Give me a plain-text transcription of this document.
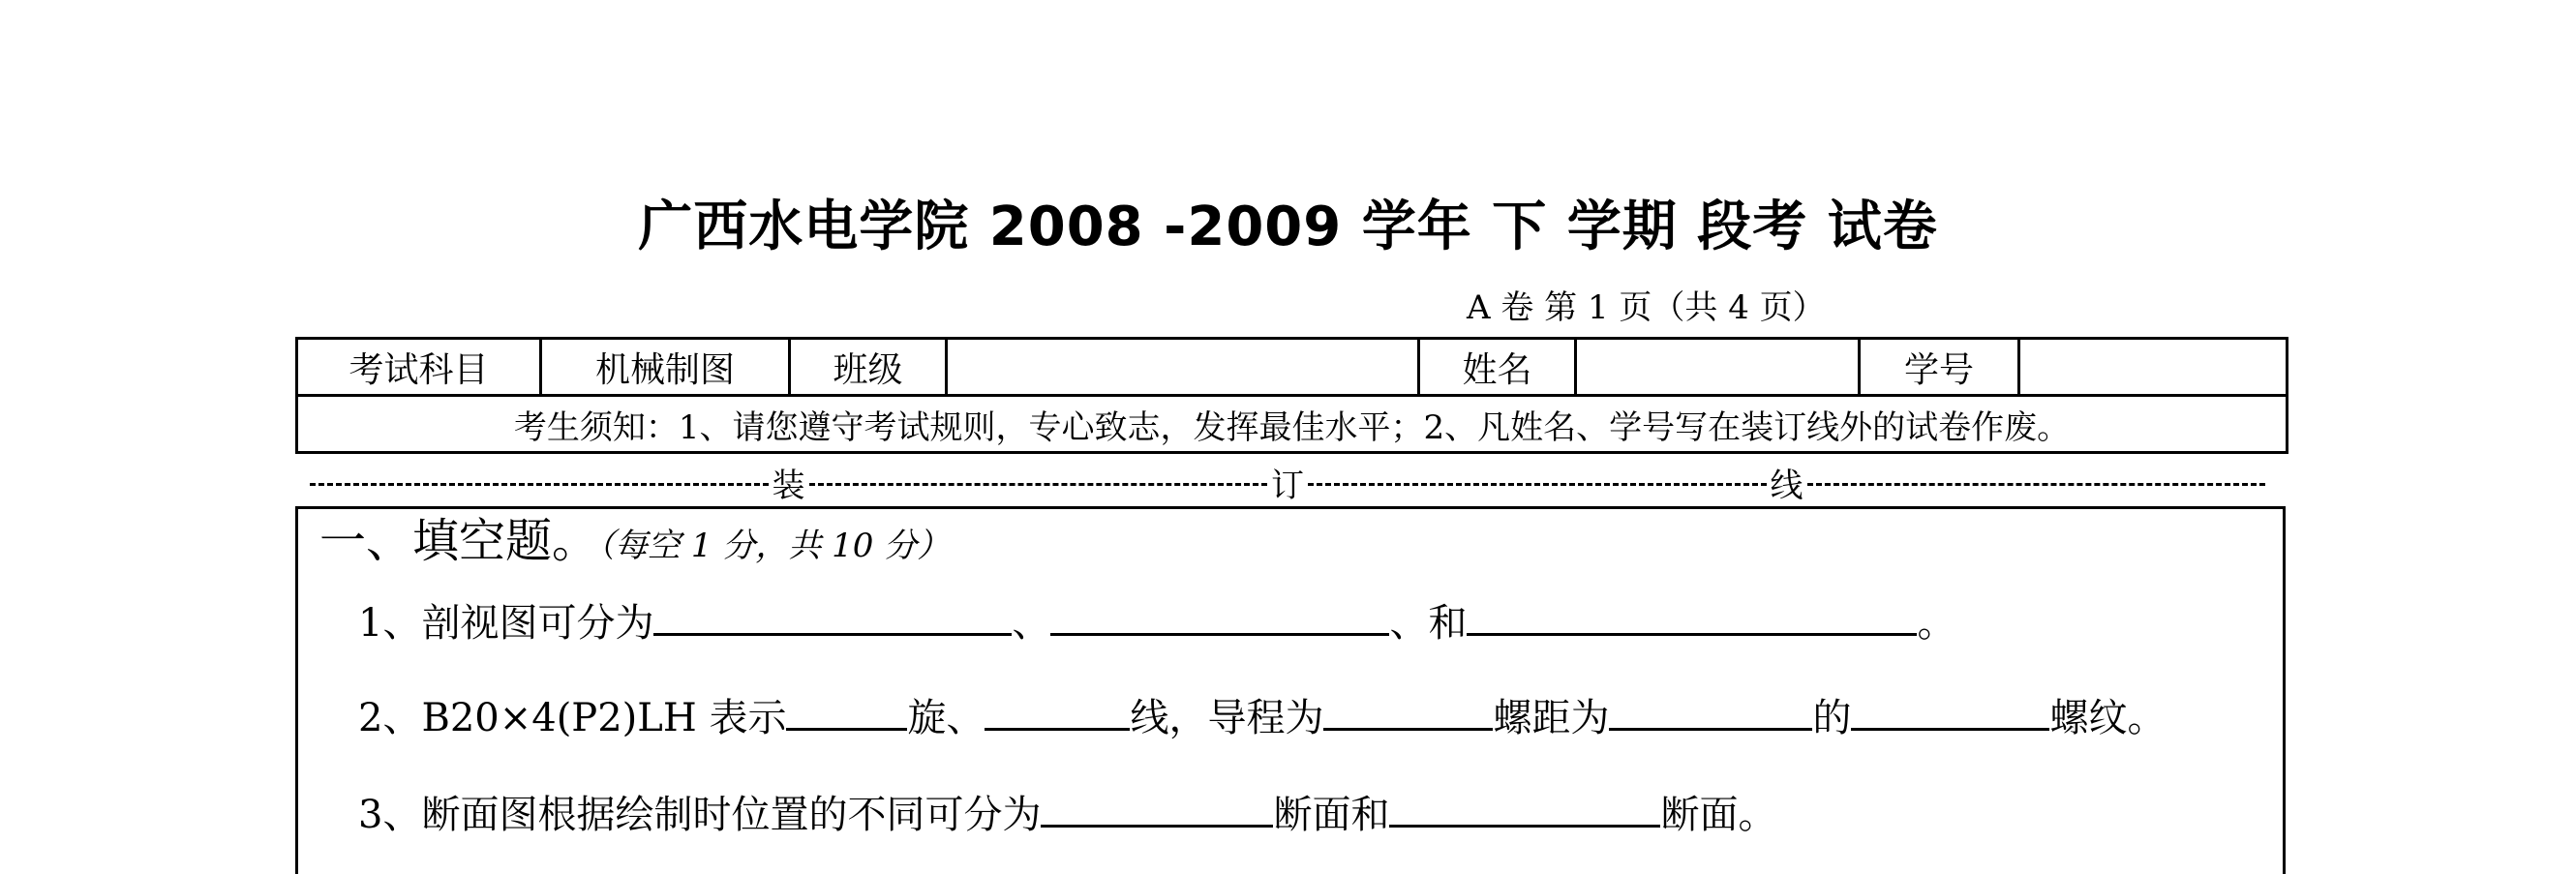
广西水电学院 2008 -2009 学年 下 学期 段考 试卷
A 卷 第 1 页（共 4 页）
考试科目	机械制图	班级		姓名		学号	
考生须知：1、请您遵守考试规则，专心致志，发挥最佳水平；2、凡姓名、学号写在装订线外的试卷作废。
装	订	线
一、填空题。（每空 1 分，共 10 分）
1、剖视图可分为	、	、和	。
2、B20×4(P2)LH 表示	旋、	线，导程为	螺距为	的	螺纹。
3、断面图根据绘制时位置的不同可分为	断面和	断面。
